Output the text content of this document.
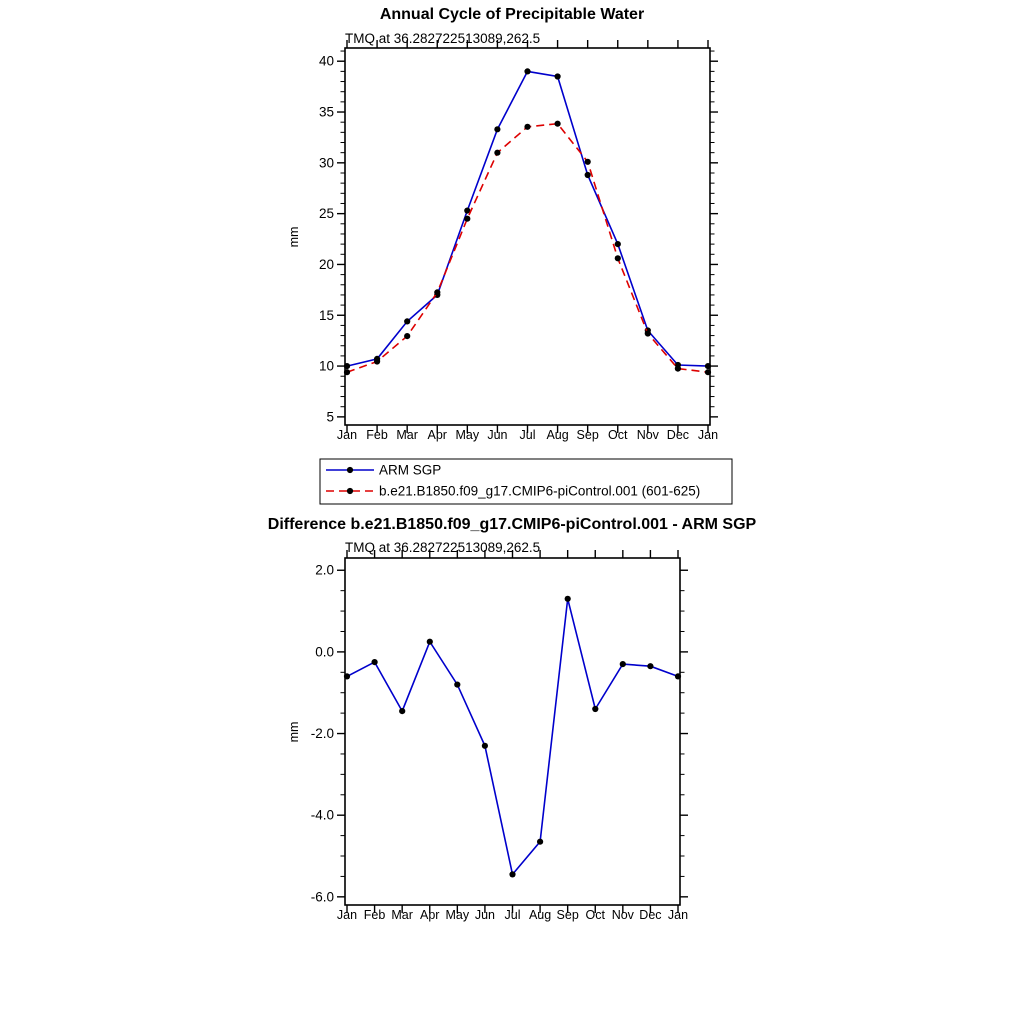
Annual Cycle of Precipitable Water
TMQ at 36.282722513089,262.5
mm
5
10
15
20
25
30
35
40
Jan Feb Mar Apr May Jun Jul Aug Sep Oct Nov Dec Jan
ARM SGP
b.e21.B1850.f09_g17.CMIP6-piControl.001 (601-625)
Difference b.e21.B1850.f09_g17.CMIP6-piControl.001 - ARM SGP
TMQ at 36.282722513089,262.5
mm
-6.0
-4.0
-2.0
0.0
2.0
Jan Feb Mar Apr May Jun Jul Aug Sep Oct Nov Dec Jan
